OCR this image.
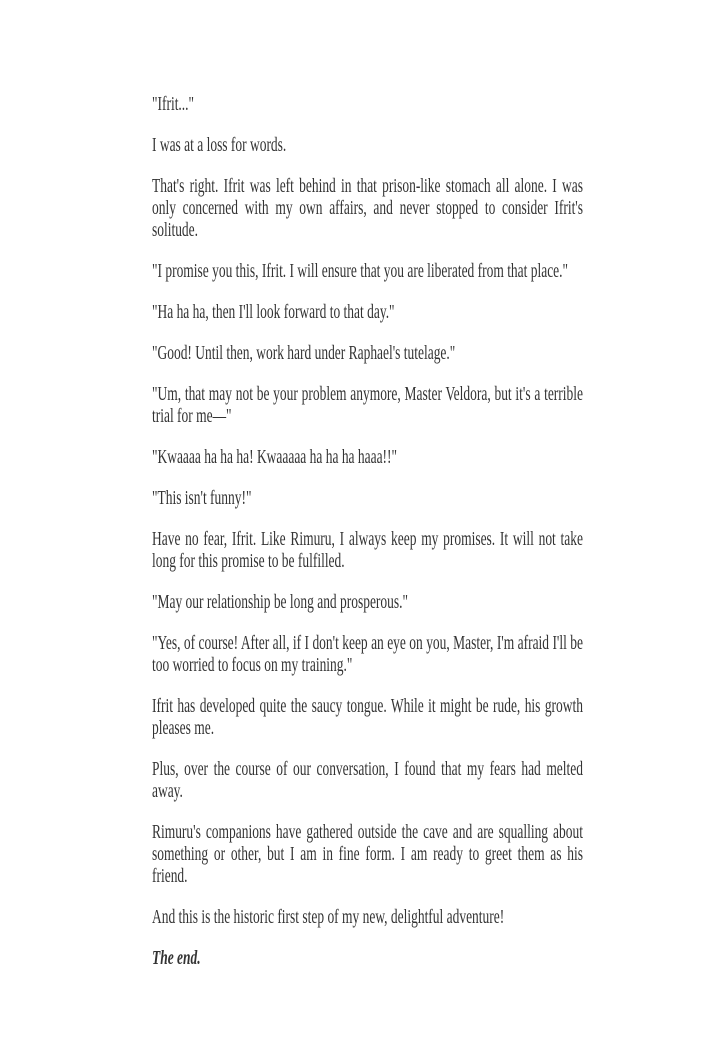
"Ifrit..."

I was at a loss for words.

That's right. Ifrit was left behind in that prison-like stomach all alone. I was only concerned with my own affairs, and never stopped to consider Ifrit's solitude.

"I promise you this, Ifrit. I will ensure that you are liberated from that place."

"Ha ha ha, then I'll look forward to that day."

"Good! Until then, work hard under Raphael's tutelage."

"Um, that may not be your problem anymore, Master Veldora, but it's a terrible trial for me—"

"Kwaaaa ha ha ha! Kwaaaaa ha ha ha haaa!!"

"This isn't funny!"

Have no fear, Ifrit. Like Rimuru, I always keep my promises. It will not take long for this promise to be fulfilled.

"May our relationship be long and prosperous."

"Yes, of course! After all, if I don't keep an eye on you, Master, I'm afraid I'll be too worried to focus on my training."

Ifrit has developed quite the saucy tongue. While it might be rude, his growth pleases me.

Plus, over the course of our conversation, I found that my fears had melted away.

Rimuru's companions have gathered outside the cave and are squalling about something or other, but I am in fine form. I am ready to greet them as his friend.

And this is the historic first step of my new, delightful adventure!

The end.
